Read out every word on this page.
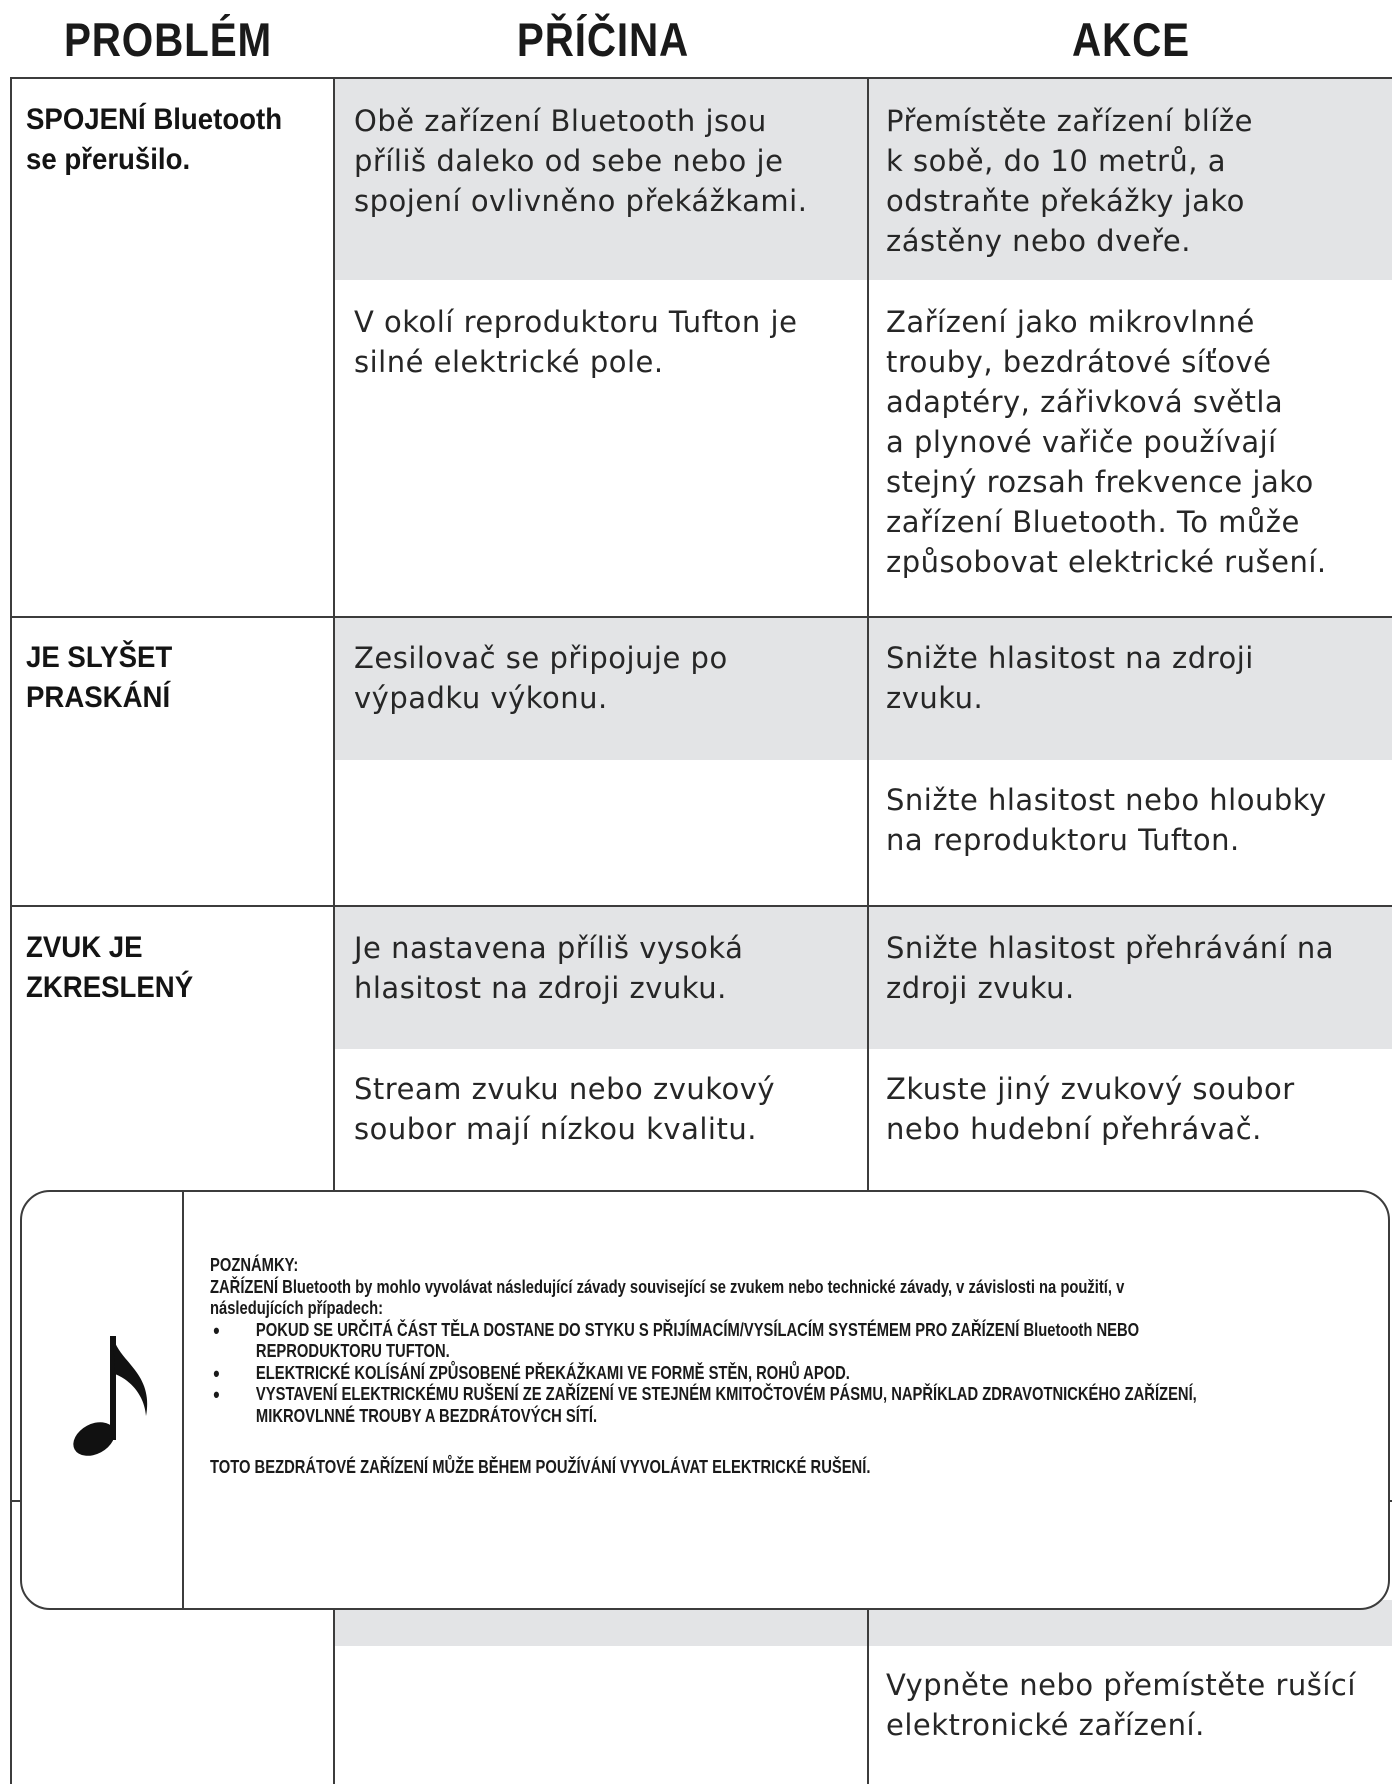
PROBLÉM	PŘÍČINA	AKCE
SPOJENÍ Bluetooth
se přerušilo.
Obě zařízení Bluetooth jsou
příliš daleko od sebe nebo je
spojení ovlivněno překážkami.
Přemístěte zařízení blíže
k sobě, do 10 metrů, a
odstraňte překážky jako
zástěny nebo dveře.
V okolí reproduktoru Tufton je
silné elektrické pole.
Zařízení jako mikrovlnné
trouby, bezdrátové síťové
adaptéry, zářivková světla
a plynové vařiče používají
stejný rozsah frekvence jako
zařízení Bluetooth. To může
způsobovat elektrické rušení.
JE SLYŠET
PRASKÁNÍ
Zesilovač se připojuje po
výpadku výkonu.
Snižte hlasitost na zdroji
zvuku.
Snižte hlasitost nebo hloubky
na reproduktoru Tufton.
ZVUK JE
ZKRESLENÝ
Je nastavena příliš vysoká
hlasitost na zdroji zvuku.
Snižte hlasitost přehrávání na
zdroji zvuku.
Stream zvuku nebo zvukový
soubor mají nízkou kvalitu.
Zkuste jiný zvukový soubor
nebo hudební přehrávač.
Vypněte nebo přemístěte rušící
elektronické zařízení.

POZNÁMKY:

ZAŘÍZENÍ Bluetooth by mohlo vyvolávat následující závady související se zvukem nebo technické závady, v závislosti na použití, v následujících případech:

• POKUD SE URČITÁ ČÁST TĚLA DOSTANE DO STYKU S PŘIJÍMACÍM/VYSÍLACÍM SYSTÉMEM PRO ZAŘÍZENÍ Bluetooth NEBO REPRODUKTORU TUFTON.
• ELEKTRICKÉ KOLÍSÁNÍ ZPŮSOBENÉ PŘEKÁŽKAMI VE FORMĚ STĚN, ROHŮ APOD.
• VYSTAVENÍ ELEKTRICKÉMU RUŠENÍ ZE ZAŘÍZENÍ VE STEJNÉM KMITOČTOVÉM PÁSMU, NAPŘÍKLAD ZDRAVOTNICKÉHO ZAŘÍZENÍ, MIKROVLNNÉ TROUBY A BEZDRÁTOVÝCH SÍTÍ.

TOTO BEZDRÁTOVÉ ZAŘÍZENÍ MŮŽE BĚHEM POUŽÍVÁNÍ VYVOLÁVAT ELEKTRICKÉ RUŠENÍ.
